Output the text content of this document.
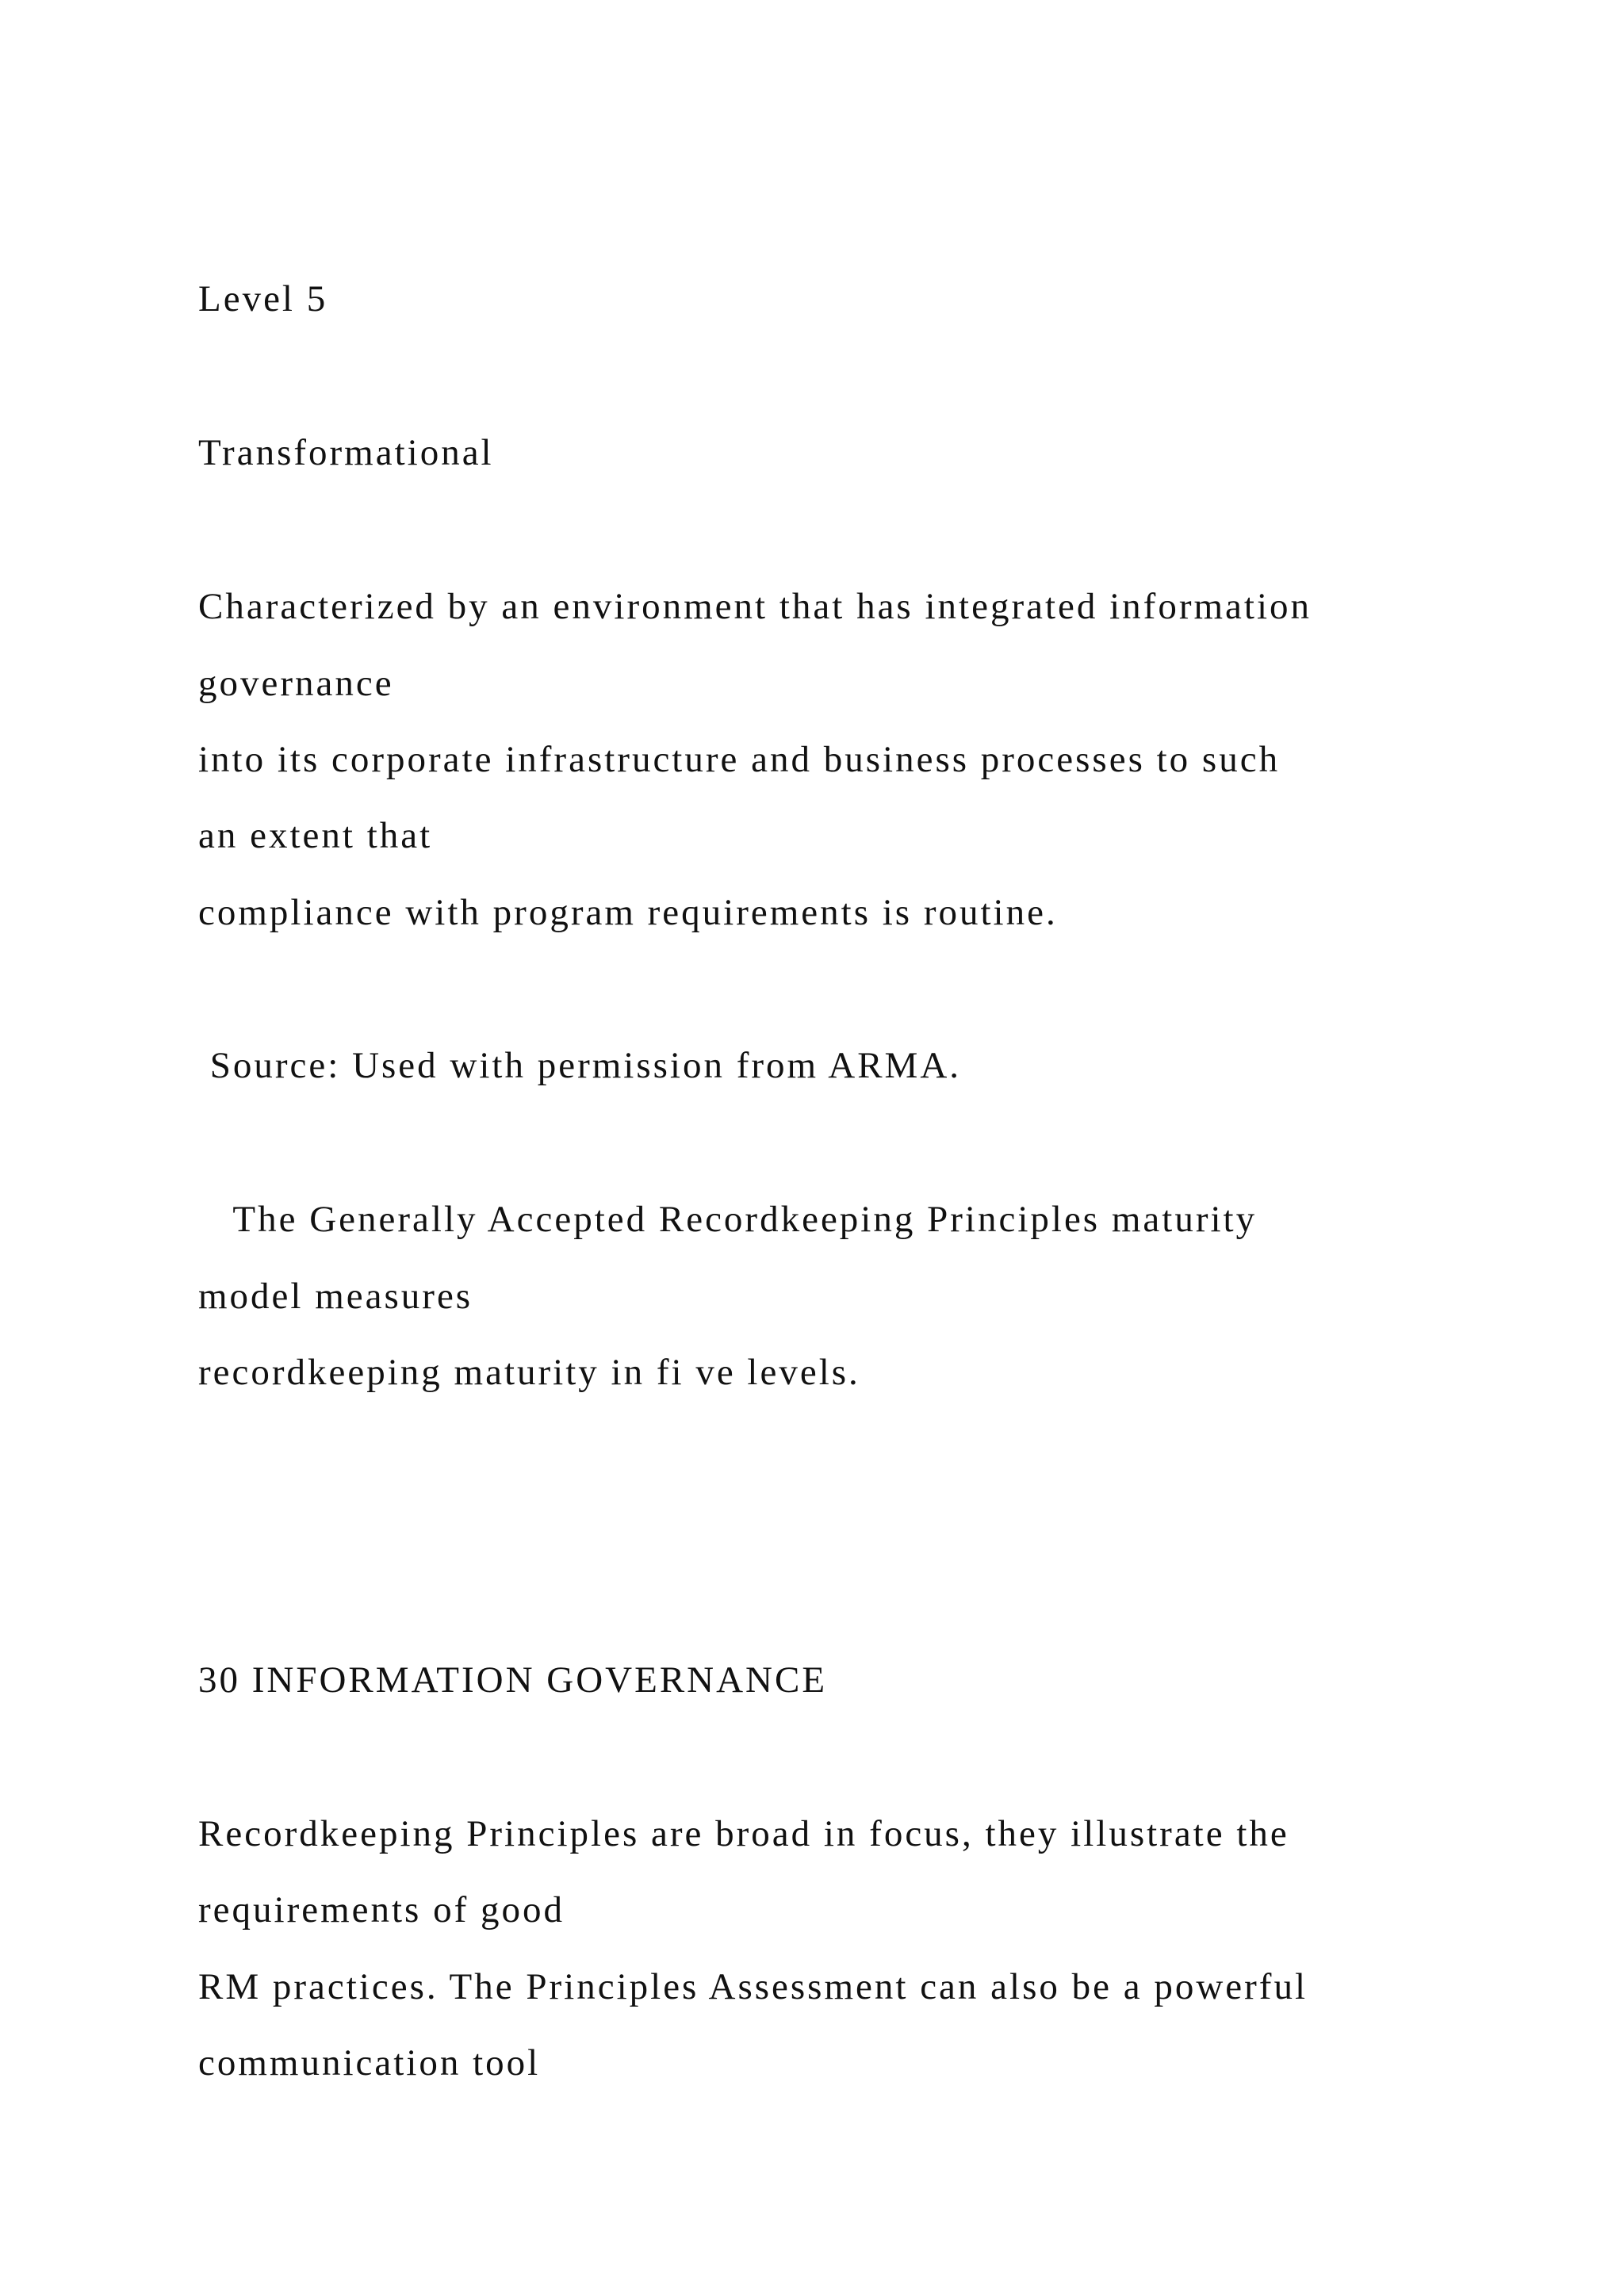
Level 5

Transformational

Characterized by an environment that has integrated information

governance

into its corporate infrastructure and business processes to such

an extent that

compliance with program requirements is routine.

Source: Used with permission from ARMA.

The Generally Accepted Recordkeeping Principles maturity

model measures

recordkeeping maturity in fi ve levels.

30 INFORMATION GOVERNANCE

Recordkeeping Principles are broad in focus, they illustrate the

requirements of good

RM practices. The Principles Assessment can also be a powerful

communication tool
